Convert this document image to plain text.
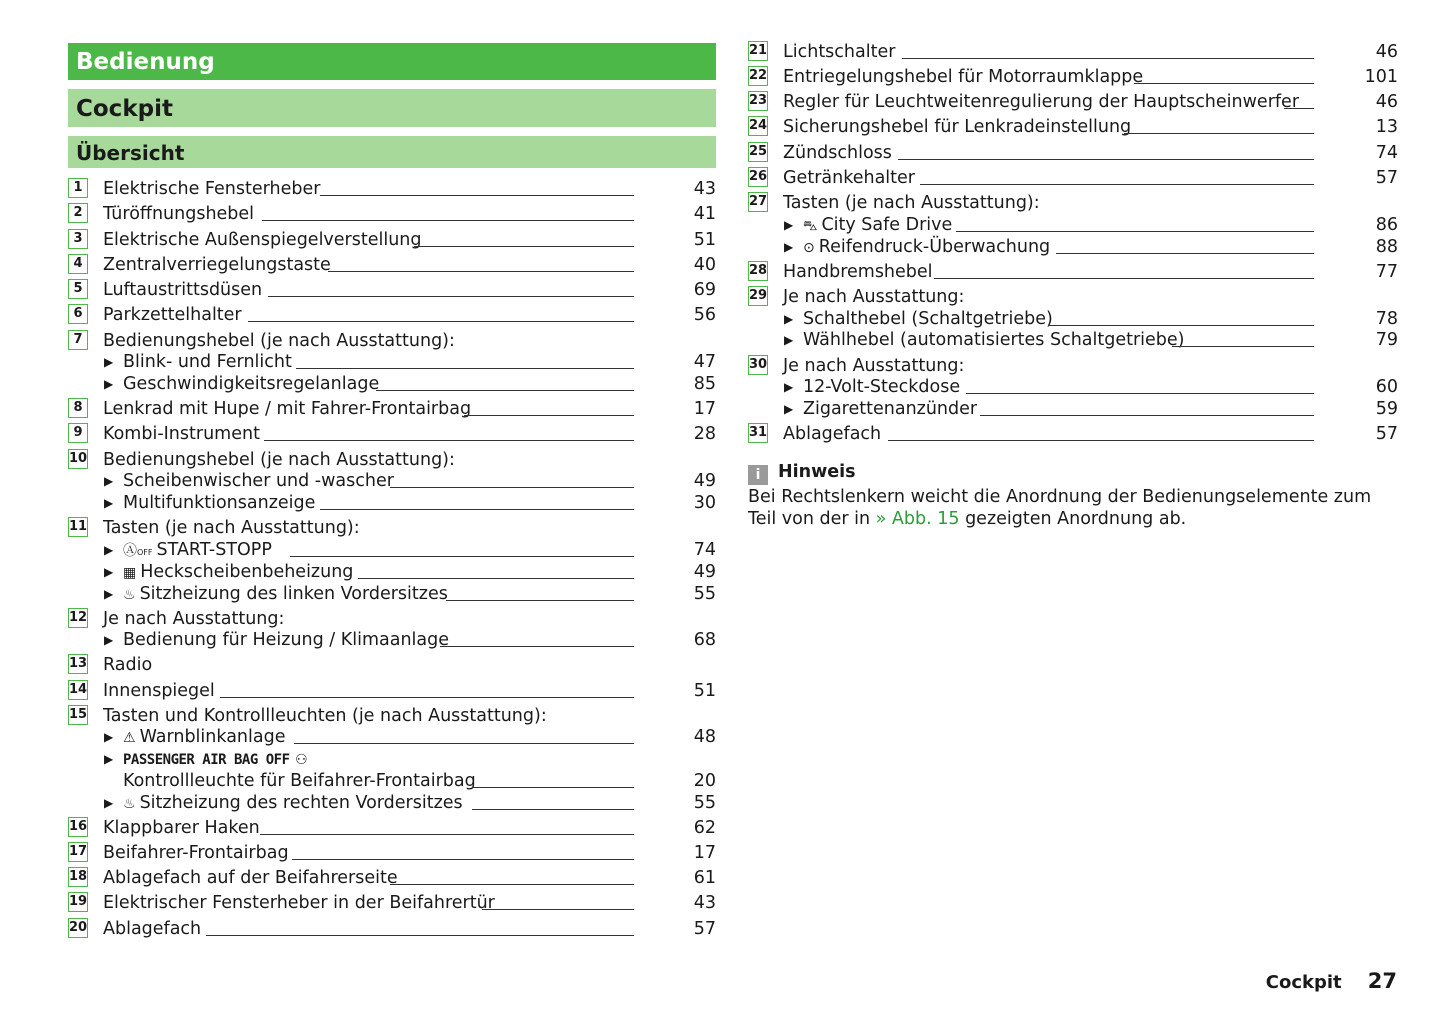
Bedienung
Cockpit
Übersicht
1	Elektrische Fensterheber	43
2	Türöffnungshebel	41
3	Elektrische Außenspiegelverstellung	51
4	Zentralverriegelungstaste	40
5	Luftaustrittsdüsen	69
6	Parkzettelhalter	56
7	Bedienungshebel (je nach Ausstattung):
▶ Blink- und Fernlicht	47
▶ Geschwindigkeitsregelanlage	85
8	Lenkrad mit Hupe / mit Fahrer-Frontairbag	17
9	Kombi-Instrument	28
10 Bedienungshebel (je nach Ausstattung):
▶ Scheibenwischer und -wascher	49
▶ Multifunktionsanzeige	30
11 Tasten (je nach Ausstattung):
▶ ⒶOFF START-STOPP	74
▶ ▦ Heckscheibenbeheizung	49
▶ ♨ Sitzheizung des linken Vordersitzes	55
12 Je nach Ausstattung:
▶ Bedienung für Heizung / Klimaanlage	68
13 Radio
14 Innenspiegel	51
15 Tasten und Kontrollleuchten (je nach Ausstattung):
▶ ⚠ Warnblinkanlage	48
▶ PASSENGER AIR BAG OFF ⚇
Kontrollleuchte für Beifahrer-Frontairbag	20
▶ ♨ Sitzheizung des rechten Vordersitzes	55
16 Klappbarer Haken	62
17 Beifahrer-Frontairbag	17
18 Ablagefach auf der Beifahrerseite	61
19 Elektrischer Fensterheber in der Beifahrertür	43
20 Ablagefach	57
21 Lichtschalter	46
22 Entriegelungshebel für Motorraumklappe	101
23 Regler für Leuchtweitenregulierung der Hauptscheinwerfer	46
24 Sicherungshebel für Lenkradeinstellung	13
25 Zündschloss	74
26 Getränkehalter	57
27 Tasten (je nach Ausstattung):
▶ ⛍ City Safe Drive	86
▶ ⊙ Reifendruck-Überwachung	88
28 Handbremshebel	77
29 Je nach Ausstattung:
▶ Schalthebel (Schaltgetriebe)	78
▶ Wählhebel (automatisiertes Schaltgetriebe)	79
30 Je nach Ausstattung:
▶ 12-Volt-Steckdose	60
▶ Zigarettenanzünder	59
31 Ablagefach	57
i Hinweis
Bei Rechtslenkern weicht die Anordnung der Bedienungselemente zum Teil von der in » Abb. 15 gezeigten Anordnung ab.
Cockpit 27
